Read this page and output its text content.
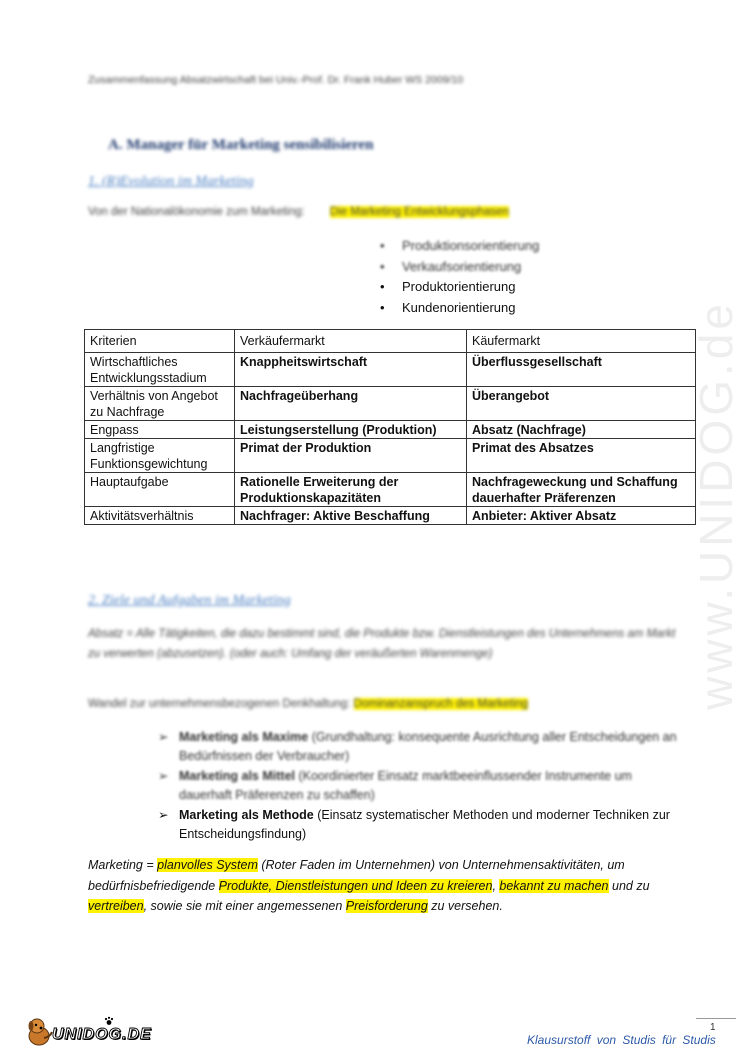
www.UNIDOG.de
Zusammenfassung Absatzwirtschaft bei Univ.-Prof. Dr. Frank Huber WS 2009/10
A. Manager für Marketing sensibilisieren
1. (R)Evolution im Marketing
Von der Nationalökonomie zum Marketing: Die Marketing Entwicklungsphasen
• Produktionsorientierung
• Verkaufsorientierung
• Produktorientierung
• Kundenorientierung
Kriterien	Verkäufermarkt	Käufermarkt
Wirtschaftliches Entwicklungsstadium	Knappheitswirtschaft	Überflussgesellschaft
Verhältnis von Angebot zu Nachfrage	Nachfrageüberhang	Überangebot
Engpass	Leistungserstellung (Produktion)	Absatz (Nachfrage)
Langfristige Funktionsgewichtung	Primat der Produktion	Primat des Absatzes
Hauptaufgabe	Rationelle Erweiterung der Produktionskapazitäten	Nachfrageweckung und Schaffung dauerhafter Präferenzen
Aktivitätsverhältnis	Nachfrager: Aktive Beschaffung	Anbieter: Aktiver Absatz
2. Ziele und Aufgaben im Marketing
Absatz = Alle Tätigkeiten, die dazu bestimmt sind, die Produkte bzw. Dienstleistungen des Unternehmens am Markt zu verwerten (abzusetzen). (oder auch: Umfang der veräußerten Warenmenge)
Wandel zur unternehmensbezogenen Denkhaltung: Dominanzanspruch des Marketing
➢ Marketing als Maxime (Grundhaltung: konsequente Ausrichtung aller Entscheidungen an Bedürfnissen der Verbraucher)
➢ Marketing als Mittel (Koordinierter Einsatz marktbeeinflussender Instrumente um dauerhaft Präferenzen zu schaffen)
➢ Marketing als Methode (Einsatz systematischer Methoden und moderner Techniken zur Entscheidungsfindung)
Marketing = planvolles System (Roter Faden im Unternehmen) von Unternehmensaktivitäten, um bedürfnisbefriedigende Produkte, Dienstleistungen und Ideen zu kreieren, bekannt zu machen und zu vertreiben, sowie sie mit einer angemessenen Preisforderung zu versehen.
UNIDOG.DE	1
Klausurstoff von Studis für Studis
